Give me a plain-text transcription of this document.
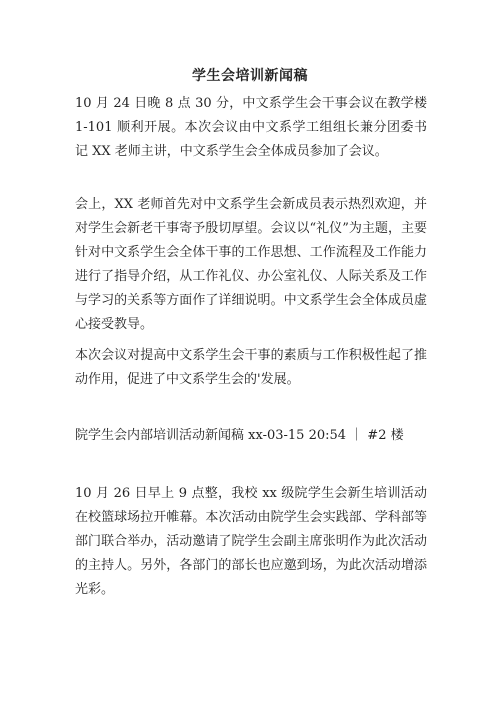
学生会培训新闻稿

10 月 24 日晚 8 点 30 分，中文系学生会干事会议在教学楼 1-101 顺利开展。本次会议由中文系学工组组长兼分团委书记 XX 老师主讲，中文系学生会全体成员参加了会议。

会上，XX 老师首先对中文系学生会新成员表示热烈欢迎，并对学生会新老干事寄予殷切厚望。会议以“礼仪”为主题，主要针对中文系学生会全体干事的工作思想、工作流程及工作能力进行了指导介绍，从工作礼仪、办公室礼仪、人际关系及工作与学习的关系等方面作了详细说明。中文系学生会全体成员虚心接受教导。

本次会议对提高中文系学生会干事的素质与工作积极性起了推动作用，促进了中文系学生会的'发展。

院学生会内部培训活动新闻稿 xx-03-15 20:54 ｜ #2 楼

10 月 26 日早上 9 点整，我校 xx 级院学生会新生培训活动在校篮球场拉开帷幕。本次活动由院学生会实践部、学科部等部门联合举办，活动邀请了院学生会副主席张明作为此次活动的主持人。另外，各部门的部长也应邀到场，为此次活动增添光彩。
